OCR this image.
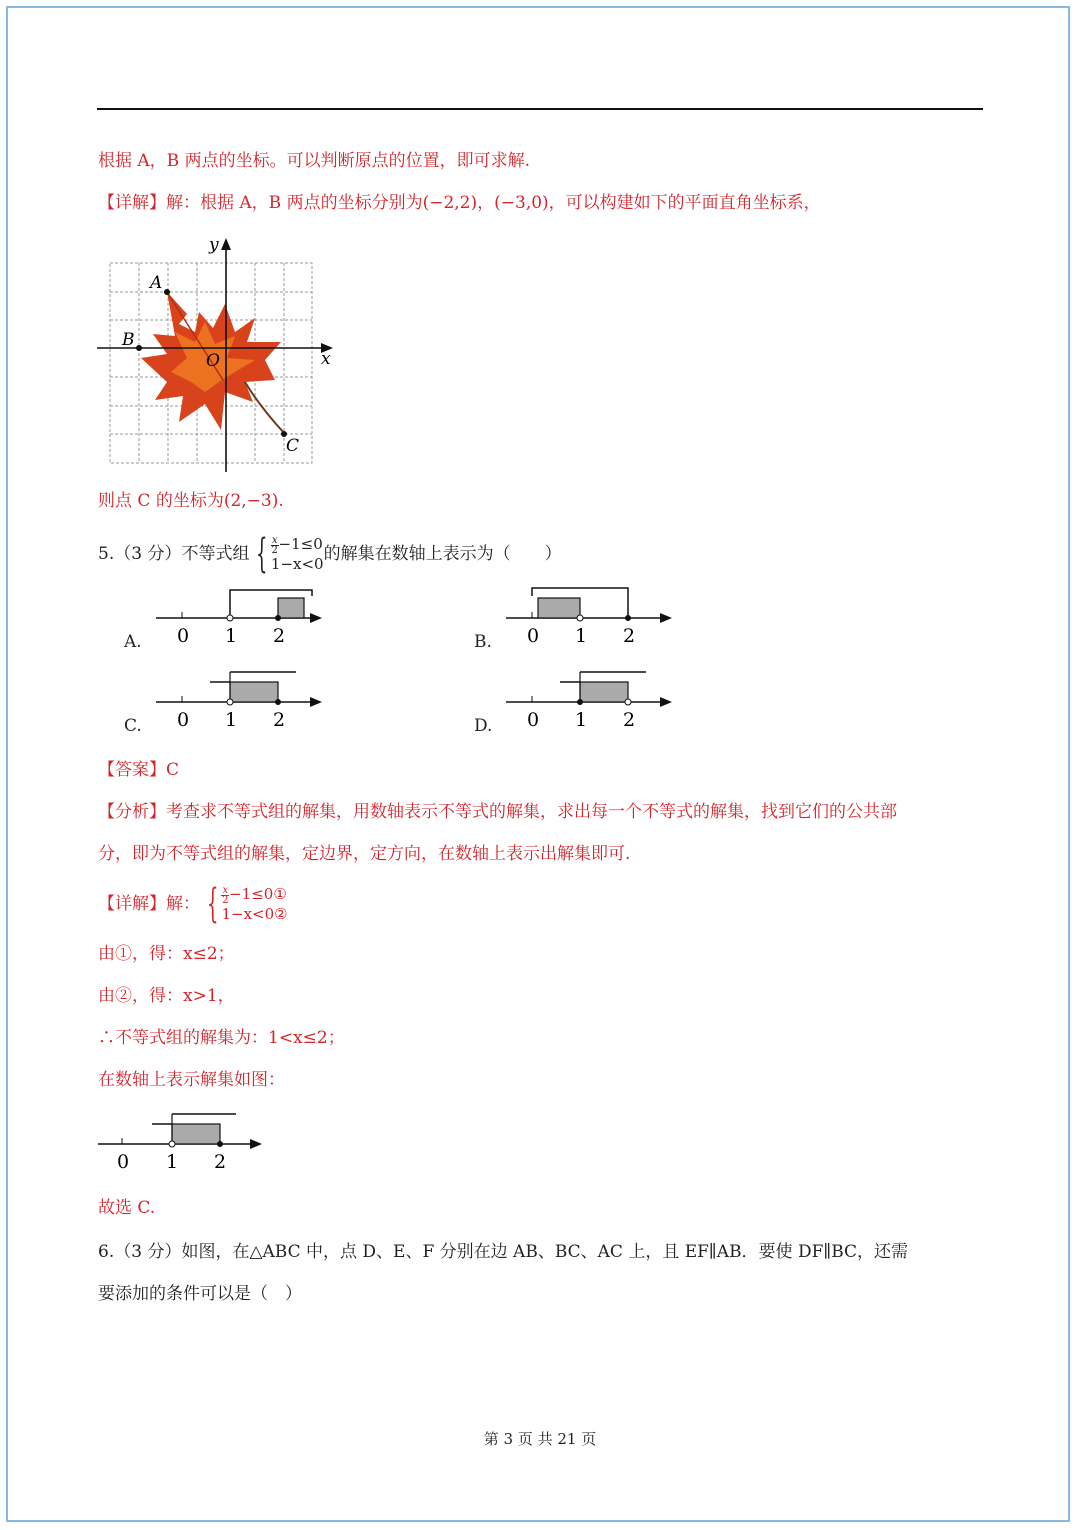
根据 A，B 两点的坐标。可以判断原点的位置，即可求解.
【详解】解：根据 A，B 两点的坐标分别为(−2,2)，(−3,0)，可以构建如下的平面直角坐标系，
y
x
O
A
B
C
则点 C 的坐标为(2,−3).
5.（3 分）不等式组 { $\frac{x}{2} -1\le 0$
1−x<0 的解集在数轴上表示为（　　）
A. 0 1 2	B. 0 1 2
C. 0 1 2	D. 0 1 2
【答案】C
【分析】考查求不等式组的解集，用数轴表示不等式的解集，求出每一个不等式的解集，找到它们的公共部
分，即为不等式组的解集，定边界，定方向，在数轴上表示出解集即可.
【详解】解： { $\frac{x}{2}$ −1≤0①
1−x<0②
由①，得：x≤2；
由②，得：x>1，
∴不等式组的解集为：1<x≤2；
在数轴上表示解集如图：
0 1 2
故选 C.
6.（3 分）如图，在△ABC 中，点 D、E、F 分别在边 AB、BC、AC 上，且 EF∥AB．要使 DF∥BC，还需
要添加的条件可以是（　）
第 3 页 共 21 页
